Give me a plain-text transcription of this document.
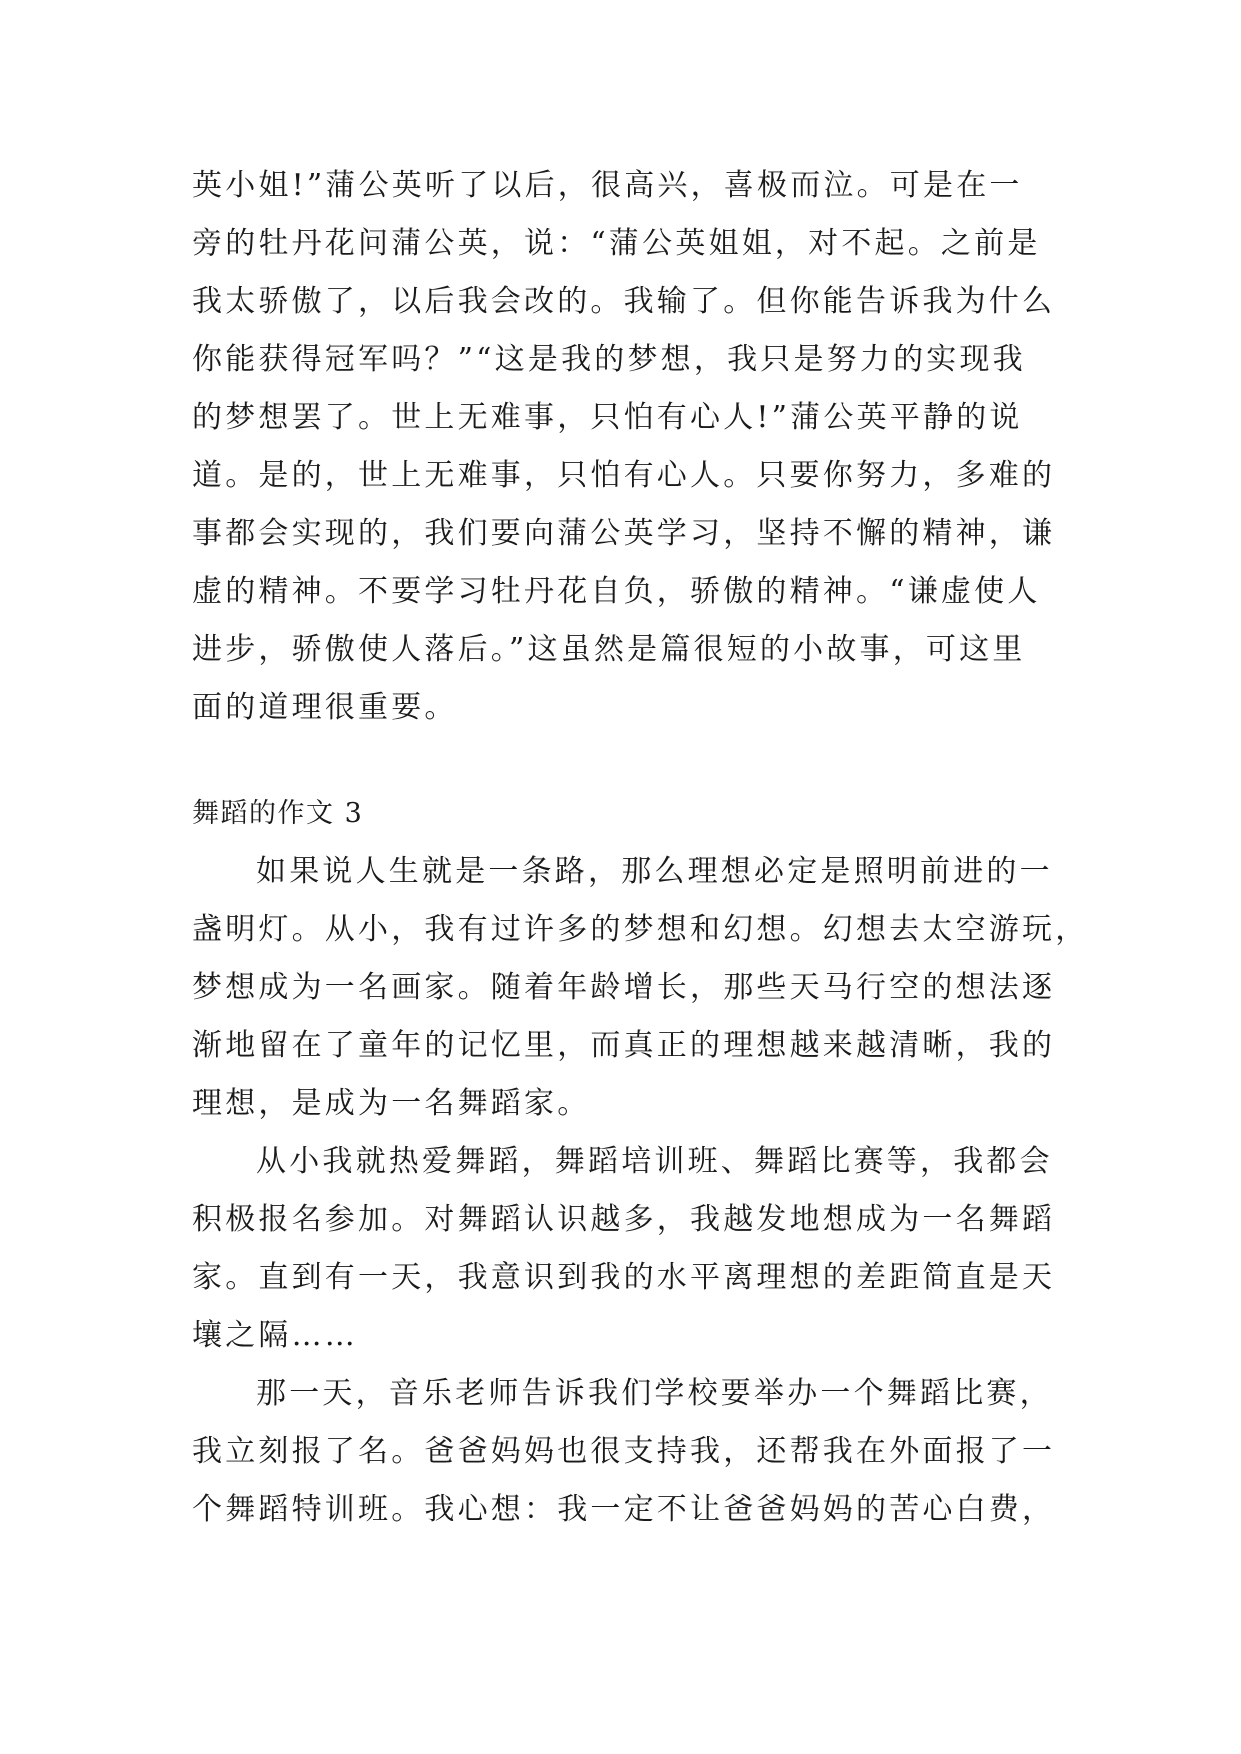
英小姐!”蒲公英听了以后，很高兴，喜极而泣。可是在一
旁的牡丹花问蒲公英，说：“蒲公英姐姐，对不起。之前是
我太骄傲了，以后我会改的。我输了。但你能告诉我为什么
你能获得冠军吗？”“这是我的梦想，我只是努力的实现我
的梦想罢了。世上无难事，只怕有心人!”蒲公英平静的说
道。是的，世上无难事，只怕有心人。只要你努力，多难的
事都会实现的，我们要向蒲公英学习，坚持不懈的精神，谦
虚的精神。不要学习牡丹花自负，骄傲的精神。“谦虚使人
进步，骄傲使人落后。”这虽然是篇很短的小故事，可这里
面的道理很重要。
舞蹈的作文 3
如果说人生就是一条路，那么理想必定是照明前进的一
盏明灯。从小，我有过许多的梦想和幻想。幻想去太空游玩，
梦想成为一名画家。随着年龄增长，那些天马行空的想法逐
渐地留在了童年的记忆里，而真正的理想越来越清晰，我的
理想，是成为一名舞蹈家。
从小我就热爱舞蹈，舞蹈培训班、舞蹈比赛等，我都会
积极报名参加。对舞蹈认识越多，我越发地想成为一名舞蹈
家。直到有一天，我意识到我的水平离理想的差距简直是天
壤之隔……
那一天，音乐老师告诉我们学校要举办一个舞蹈比赛，
我立刻报了名。爸爸妈妈也很支持我，还帮我在外面报了一
个舞蹈特训班。我心想：我一定不让爸爸妈妈的苦心白费，
